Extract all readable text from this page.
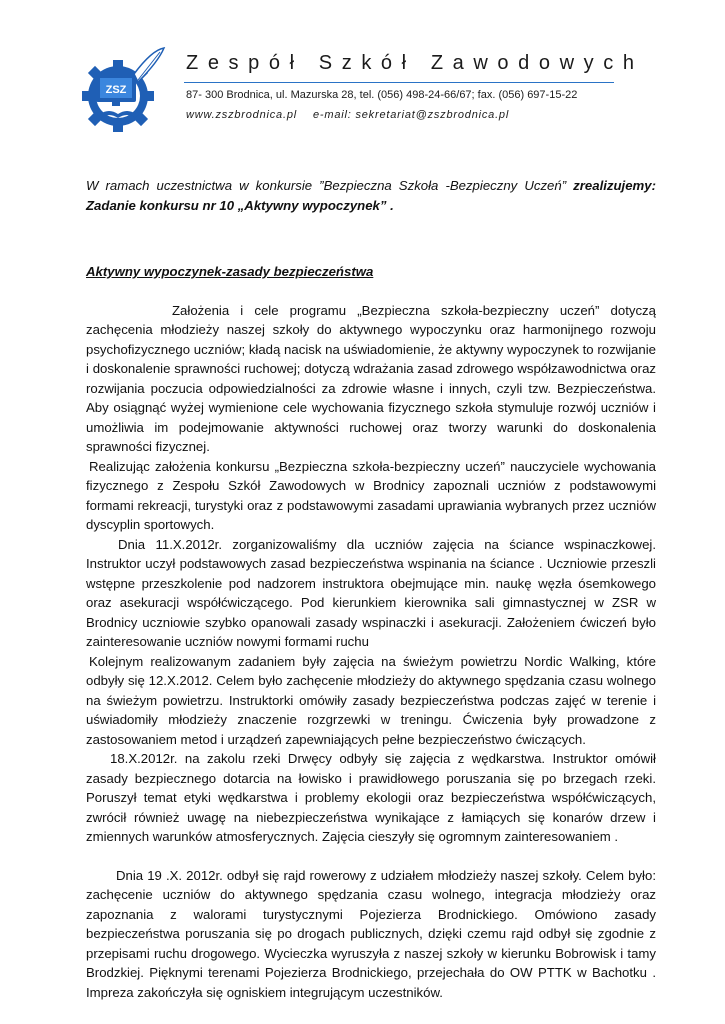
ZSZ
Zespół Szkół Zawodowych
87- 300 Brodnica, ul. Mazurska 28, tel. (056) 498-24-66/67; fax. (056) 697-15-22
www.zszbrodnica.pl e-mail: sekretariat@zszbrodnica.pl

W ramach uczestnictwa w konkursie ”Bezpieczna Szkoła -Bezpieczny Uczeń” zrealizujemy: Zadanie konkursu nr 10 „Aktywny wypoczynek” .

Aktywny wypoczynek-zasady bezpieczeństwa

Założenia i cele programu „Bezpieczna szkoła-bezpieczny uczeń” dotyczą zachęcenia młodzieży naszej szkoły do aktywnego wypoczynku oraz harmonijnego rozwoju psychofizycznego uczniów; kładą nacisk na uświadomienie, że aktywny wypoczynek to rozwijanie i doskonalenie sprawności ruchowej; dotyczą wdrażania zasad zdrowego współzawodnictwa oraz rozwijania poczucia odpowiedzialności za zdrowie własne i innych, czyli tzw. Bezpieczeństwa. Aby osiągnąć wyżej wymienione cele wychowania fizycznego szkoła stymuluje rozwój uczniów i umożliwia im podejmowanie aktywności ruchowej oraz tworzy warunki do doskonalenia sprawności fizycznej.

Realizując założenia konkursu „Bezpieczna szkoła-bezpieczny uczeń” nauczyciele wychowania fizycznego z Zespołu Szkół Zawodowych w Brodnicy zapoznali uczniów z podstawowymi formami rekreacji, turystyki oraz z podstawowymi zasadami uprawiania wybranych przez uczniów dyscyplin sportowych.

Dnia 11.X.2012r. zorganizowaliśmy dla uczniów zajęcia na ściance wspinaczkowej. Instruktor uczył podstawowych zasad bezpieczeństwa wspinania na ściance . Uczniowie przeszli wstępne przeszkolenie pod nadzorem instruktora obejmujące min. naukę węzła ósemkowego oraz asekuracji współćwiczącego. Pod kierunkiem kierownika sali gimnastycznej w ZSR w Brodnicy uczniowie szybko opanowali zasady wspinaczki i asekuracji. Założeniem ćwiczeń było zainteresowanie uczniów nowymi formami ruchu

Kolejnym realizowanym zadaniem były zajęcia na świeżym powietrzu Nordic Walking, które odbyły się 12.X.2012. Celem było zachęcenie młodzieży do aktywnego spędzania czasu wolnego na świeżym powietrzu. Instruktorki omówiły zasady bezpieczeństwa podczas zajęć w terenie i uświadomiły młodzieży znaczenie rozgrzewki w treningu. Ćwiczenia były prowadzone z zastosowaniem metod i urządzeń zapewniających pełne bezpieczeństwo ćwiczących.

18.X.2012r. na zakolu rzeki Drwęcy odbyły się zajęcia z wędkarstwa. Instruktor omówił zasady bezpiecznego dotarcia na łowisko i prawidłowego poruszania się po brzegach rzeki. Poruszył temat etyki wędkarstwa i problemy ekologii oraz bezpieczeństwa współćwiczących, zwrócił również uwagę na niebezpieczeństwa wynikające z łamiących się konarów drzew i zmiennych warunków atmosferycznych. Zajęcia cieszyły się ogromnym zainteresowaniem .

Dnia 19 .X. 2012r. odbył się rajd rowerowy z udziałem młodzieży naszej szkoły. Celem było: zachęcenie uczniów do aktywnego spędzania czasu wolnego, integracja młodzieży oraz zapoznania z walorami turystycznymi Pojezierza Brodnickiego. Omówiono zasady bezpieczeństwa poruszania się po drogach publicznych, dzięki czemu rajd odbył się zgodnie z przepisami ruchu drogowego. Wycieczka wyruszyła z naszej szkoły w kierunku Bobrowisk i tamy Brodzkiej. Pięknymi terenami Pojezierza Brodnickiego, przejechała do OW PTTK w Bachotku . Impreza zakończyła się ogniskiem integrującym uczestników.
